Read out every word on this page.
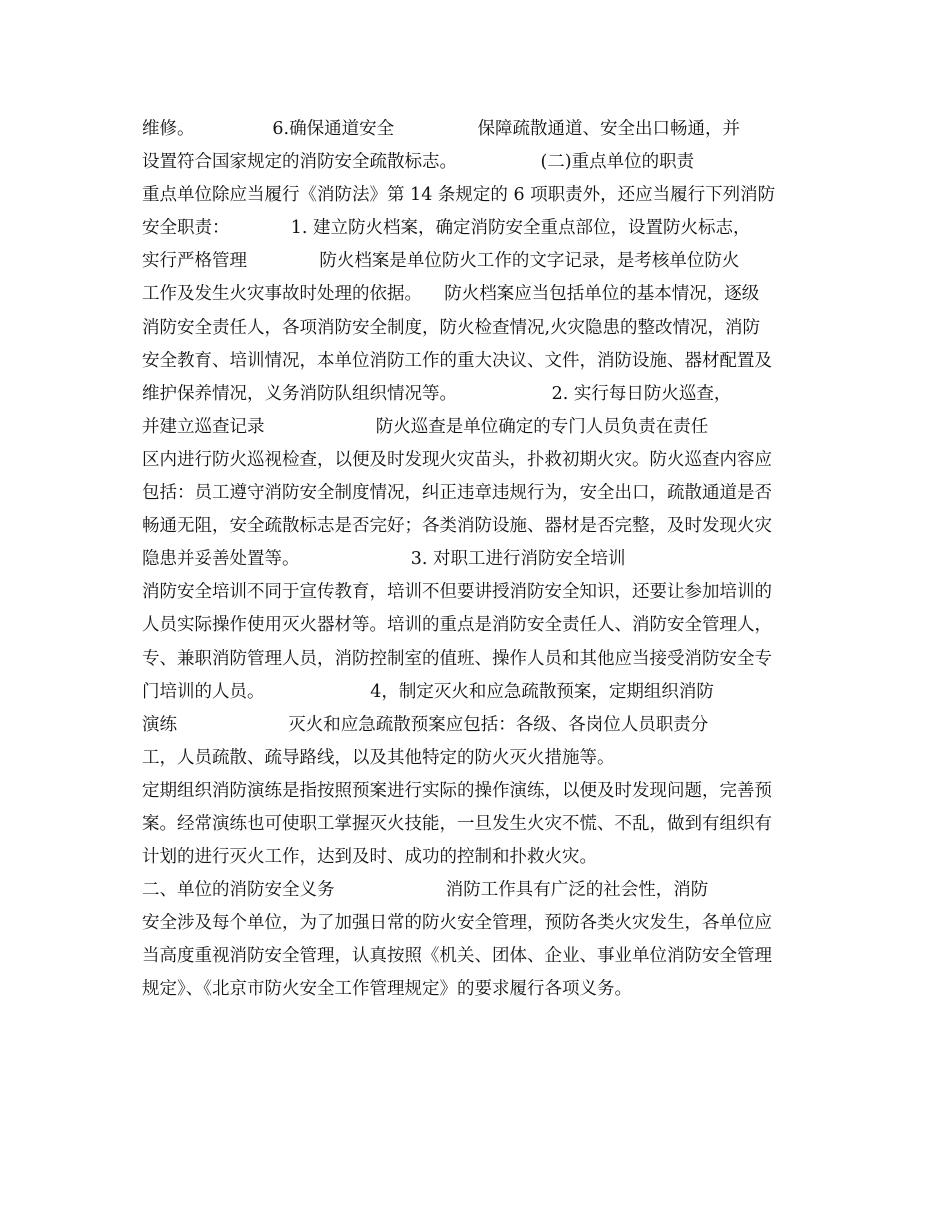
维修。              6.确保通道安全               保障疏散通道、安全出口畅通，并
设置符合国家规定的消防安全疏散标志。               (二)重点单位的职责
重点单位除应当履行《消防法》第 14 条规定的 6 项职责外，还应当履行下列消防
安全职责：           1. 建立防火档案，确定消防安全重点部位，设置防火标志，
实行严格管理             防火档案是单位防火工作的文字记录，是考核单位防火
工作及发生火灾事故时处理的依据。    防火档案应当包括单位的基本情况，逐级
消防安全责任人，各项消防安全制度，防火检查情况,火灾隐患的整改情况，消防
安全教育、培训情况，本单位消防工作的重大决议、文件，消防设施、器材配置及
维护保养情况，义务消防队组织情况等。                 2. 实行每日防火巡查，
并建立巡查记录                    防火巡查是单位确定的专门人员负责在责任
区内进行防火巡视检查，以便及时发现火灾苗头，扑救初期火灾。防火巡查内容应
包括：员工遵守消防安全制度情况，纠正违章违规行为，安全出口，疏散通道是否
畅通无阻，安全疏散标志是否完好；各类消防设施、器材是否完整，及时发现火灾
隐患并妥善处置等。                    3. 对职工进行消防安全培训
消防安全培训不同于宣传教育，培训不但要讲授消防安全知识，还要让参加培训的
人员实际操作使用灭火器材等。培训的重点是消防安全责任人、消防安全管理人，
专、兼职消防管理人员，消防控制室的值班、操作人员和其他应当接受消防安全专
门培训的人员。                   4，制定灭火和应急疏散预案，定期组织消防
演练                    灭火和应急疏散预案应包括：各级、各岗位人员职责分
工，人员疏散、疏导路线，以及其他特定的防火灭火措施等。
定期组织消防演练是指按照预案进行实际的操作演练，以便及时发现问题，完善预
案。经常演练也可使职工掌握灭火技能，一旦发生火灾不慌、不乱，做到有组织有
计划的进行灭火工作，达到及时、成功的控制和扑救火灾。
二、单位的消防安全义务                    消防工作具有广泛的社会性，消防
安全涉及每个单位，为了加强日常的防火安全管理，预防各类火灾发生，各单位应
当高度重视消防安全管理，认真按照《机关、团体、企业、事业单位消防安全管理
规定》、《北京市防火安全工作管理规定》的要求履行各项义务。
